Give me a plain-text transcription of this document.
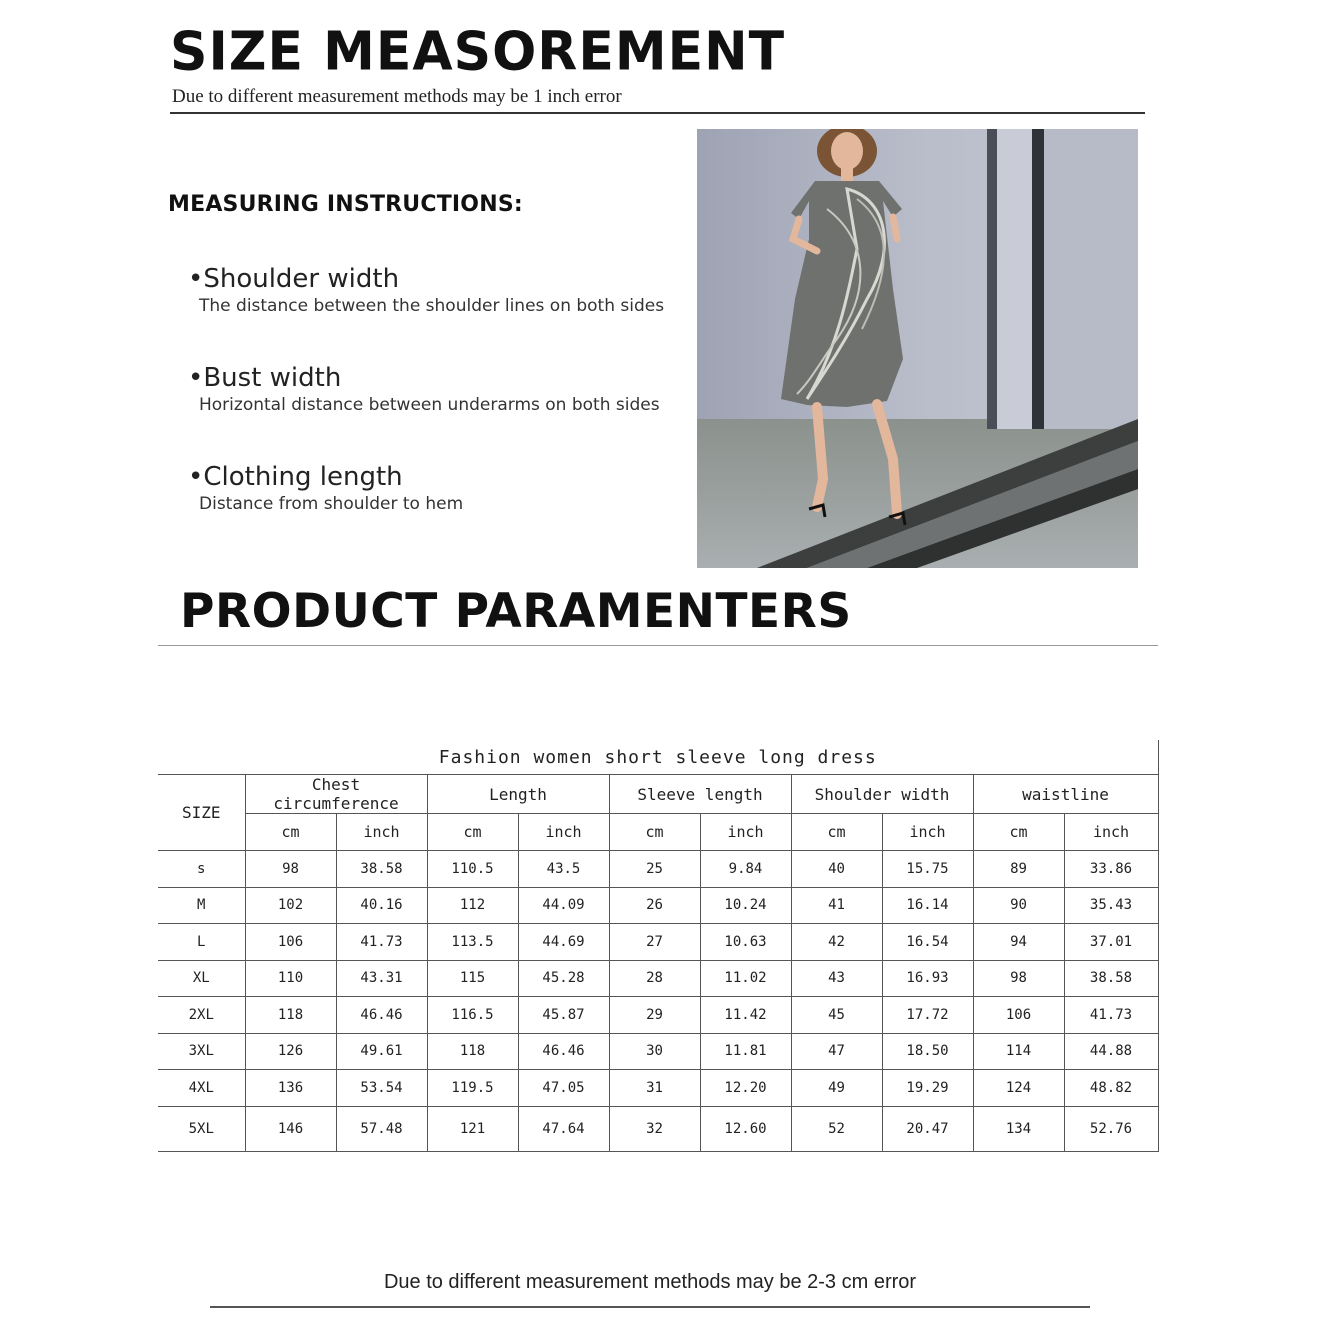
SIZE MEASOREMENT
Due to different measurement methods may be 1 inch error
MEASURING INSTRUCTIONS:
•Shoulder width
The distance between the shoulder lines on both sides
•Bust width
Horizontal distance between underarms on both sides
•Clothing length
Distance from shoulder to hem
PRODUCT PARAMENTERS
Fashion women short sleeve long dress										
SIZE	Chest circumference		Length		Sleeve length		Shoulder width		waistline	
	cm	inch	cm	inch	cm	inch	cm	inch	cm	inch
s	98	38.58	110.5	43.5	25	9.84	40	15.75	89	33.86
M	102	40.16	112	44.09	26	10.24	41	16.14	90	35.43
L	106	41.73	113.5	44.69	27	10.63	42	16.54	94	37.01
XL	110	43.31	115	45.28	28	11.02	43	16.93	98	38.58
2XL	118	46.46	116.5	45.87	29	11.42	45	17.72	106	41.73
3XL	126	49.61	118	46.46	30	11.81	47	18.50	114	44.88
4XL	136	53.54	119.5	47.05	31	12.20	49	19.29	124	48.82
5XL	146	57.48	121	47.64	32	12.60	52	20.47	134	52.76
Due to different measurement methods may be 2-3 cm error
